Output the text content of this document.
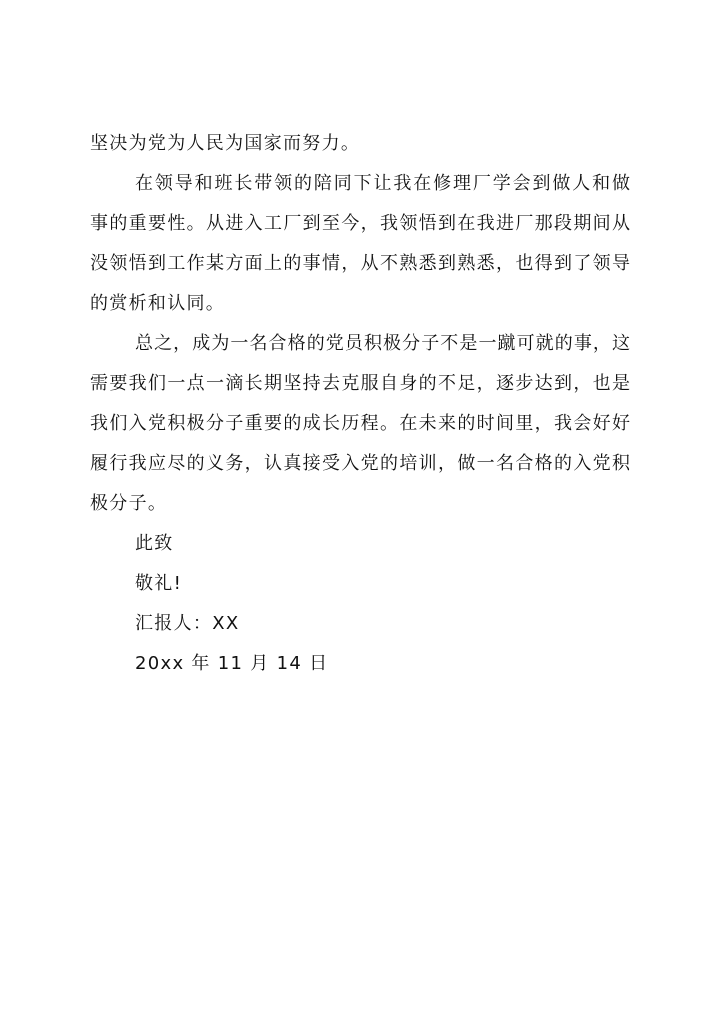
坚决为党为人民为国家而努力。
在领导和班长带领的陪同下让我在修理厂学会到做人和做
事的重要性。从进入工厂到至今，我领悟到在我进厂那段期间从
没领悟到工作某方面上的事情，从不熟悉到熟悉，也得到了领导
的赏析和认同。
总之，成为一名合格的党员积极分子不是一蹴可就的事，这
需要我们一点一滴长期坚持去克服自身的不足，逐步达到，也是
我们入党积极分子重要的成长历程。在未来的时间里，我会好好
履行我应尽的义务，认真接受入党的培训，做一名合格的入党积
极分子。
此致
敬礼!
汇报人：XX
20xx 年 11 月 14 日
